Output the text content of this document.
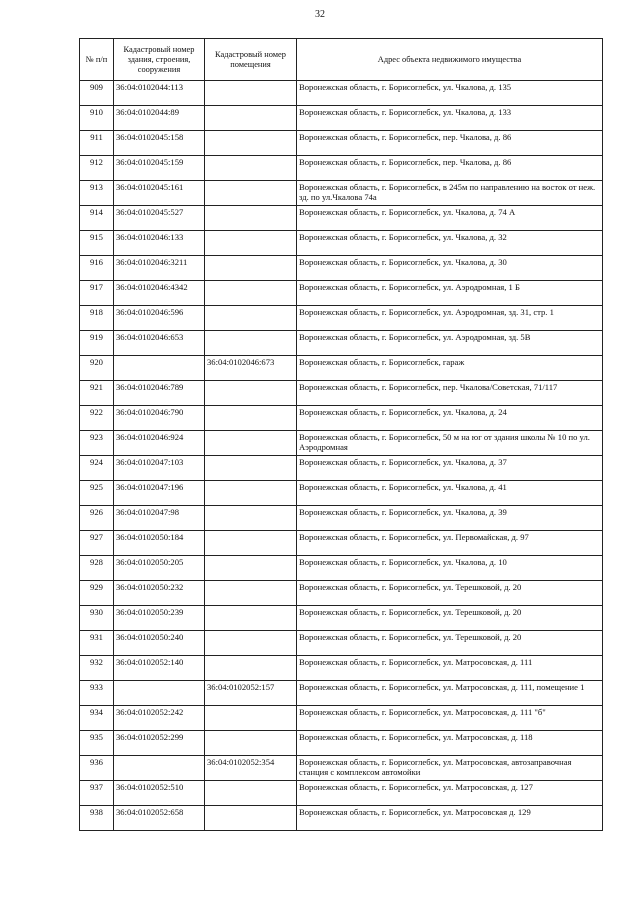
32
№ п/п	Кадастровый номер здания, строения, сооружения	Кадастровый номер помещения	Адрес объекта недвижимого имущества
909	36:04:0102044:113		Воронежская область, г. Борисоглебск, ул. Чкалова, д. 135
910	36:04:0102044:89		Воронежская область, г. Борисоглебск, ул. Чкалова, д. 133
911	36:04:0102045:158		Воронежская область, г. Борисоглебск, пер. Чкалова, д. 86
912	36:04:0102045:159		Воронежская область, г. Борисоглебск, пер. Чкалова, д. 86
913	36:04:0102045:161		Воронежская область, г. Борисоглебск, в 245м по направлению на восток от неж. зд. по ул.Чкалова 74а
914	36:04:0102045:527		Воронежская область, г. Борисоглебск, ул. Чкалова, д. 74 А
915	36:04:0102046:133		Воронежская область, г. Борисоглебск, ул. Чкалова, д. 32
916	36:04:0102046:3211		Воронежская область, г. Борисоглебск, ул. Чкалова, д. 30
917	36:04:0102046:4342		Воронежская область, г. Борисоглебск, ул. Аэродромная, 1 Б
918	36:04:0102046:596		Воронежская область, г. Борисоглебск, ул. Аэродромная, зд. 31, стр. 1
919	36:04:0102046:653		Воронежская область, г. Борисоглебск, ул. Аэродромная, зд. 5В
920		36:04:0102046:673	Воронежская область, г. Борисоглебск, гараж
921	36:04:0102046:789		Воронежская область, г. Борисоглебск, пер. Чкалова/Советская, 71/117
922	36:04:0102046:790		Воронежская область, г. Борисоглебск, ул. Чкалова, д. 24
923	36:04:0102046:924		Воронежская область, г. Борисоглебск, 50 м на юг от здания школы № 10 по ул. Аэродромная
924	36:04:0102047:103		Воронежская область, г. Борисоглебск, ул. Чкалова, д. 37
925	36:04:0102047:196		Воронежская область, г. Борисоглебск, ул. Чкалова, д. 41
926	36:04:0102047:98		Воронежская область, г. Борисоглебск, ул. Чкалова, д. 39
927	36:04:0102050:184		Воронежская область, г. Борисоглебск, ул. Первомайская, д. 97
928	36:04:0102050:205		Воронежская область, г. Борисоглебск, ул. Чкалова, д. 10
929	36:04:0102050:232		Воронежская область, г. Борисоглебск, ул. Терешковой, д. 20
930	36:04:0102050:239		Воронежская область, г. Борисоглебск, ул. Терешковой, д. 20
931	36:04:0102050:240		Воронежская область, г. Борисоглебск, ул. Терешковой, д. 20
932	36:04:0102052:140		Воронежская область, г. Борисоглебск, ул. Матросовская, д. 111
933		36:04:0102052:157	Воронежская область, г. Борисоглебск, ул. Матросовская, д. 111, помещение 1
934	36:04:0102052:242		Воронежская область, г. Борисоглебск, ул. Матросовская, д. 111 "б"
935	36:04:0102052:299		Воронежская область, г. Борисоглебск, ул. Матросовская, д. 118
936		36:04:0102052:354	Воронежская область, г. Борисоглебск, ул. Матросовская, автозаправочная станция с комплексом автомойки
937	36:04:0102052:510		Воронежская область, г. Борисоглебск, ул. Матросовская, д. 127
938	36:04:0102052:658		Воронежская область, г. Борисоглебск, ул. Матросовская д. 129
